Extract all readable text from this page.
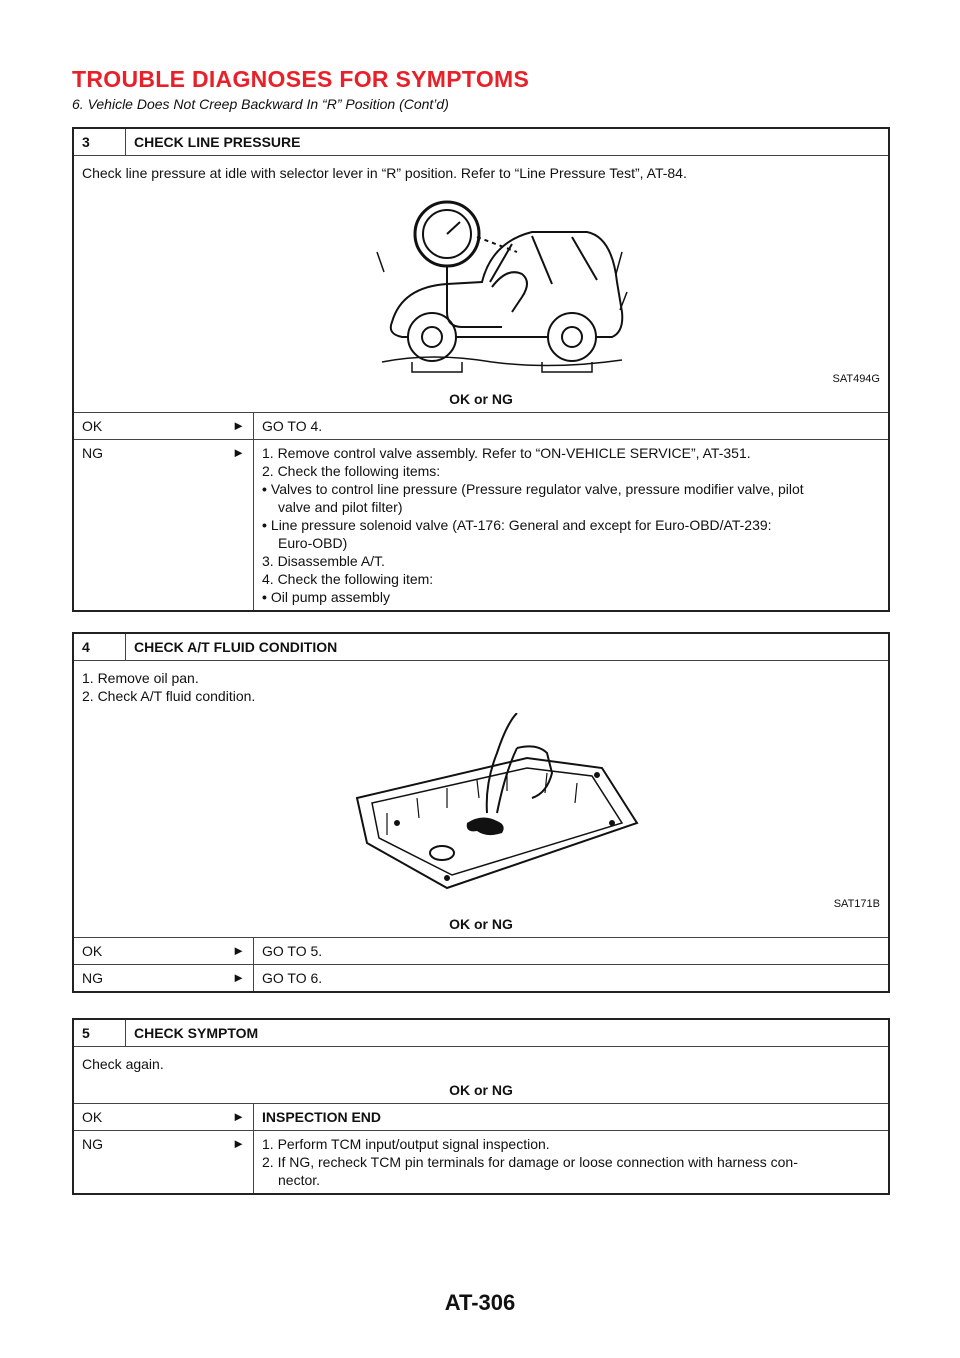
TROUBLE DIAGNOSES FOR SYMPTOMS
6. Vehicle Does Not Creep Backward In “R” Position (Cont’d)
3	CHECK LINE PRESSURE
Check line pressure at idle with selector lever in “R” position. Refer to “Line Pressure Test”, AT-84.
SAT494G
OK or NG
OK	►	GO TO 4.
NG	► 1. Remove control valve assembly. Refer to “ON-VEHICLE SERVICE”, AT-351.
2. Check the following items:
• Valves to control line pressure (Pressure regulator valve, pressure modifier valve, pilot
valve and pilot filter)
• Line pressure solenoid valve (AT-176: General and except for Euro-OBD/AT-239:
Euro-OBD)
3. Disassemble A/T.
4. Check the following item:
• Oil pump assembly
4	CHECK A/T FLUID CONDITION
1. Remove oil pan.
2. Check A/T fluid condition.
SAT171B
OK or NG
OK	►	GO TO 5.
NG	►	GO TO 6.
5	CHECK SYMPTOM
Check again.
OK or NG
OK	►	INSPECTION END
NG	► 1. Perform TCM input/output signal inspection.
2. If NG, recheck TCM pin terminals for damage or loose connection with harness con-
nector.
AT-306
